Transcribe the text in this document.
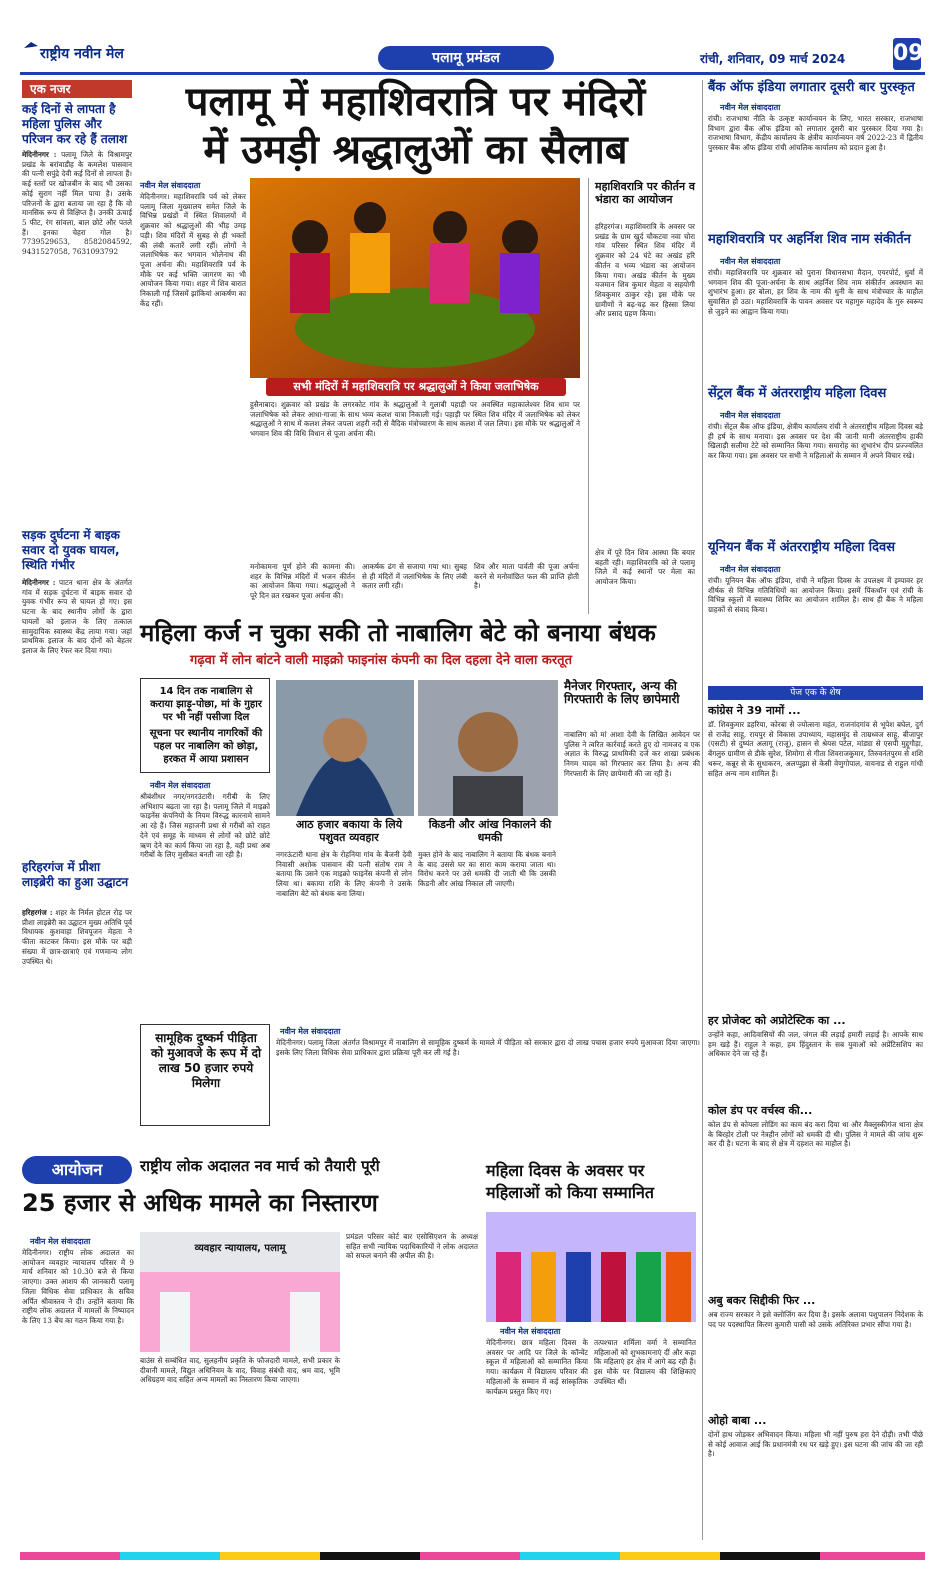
राष्ट्रीय नवीन मेल	पलामू प्रमंडल	रांची, शनिवार, 09 मार्च 2024 09
एक नजर
कई दिनों से लापता है महिला पुलिस और परिजन कर रहे हैं तलाश
मेदिनीनगर : पलामू जिले के विश्रामपुर प्रखंड के बरांवाडीह के कमलेश पासवान की पत्नी सपुंद्रे देवी कई दिनों से लापता हैं। कई स्तरों पर खोजबीन के बाद भी उसका कोई सुराग नहीं मिल पाया है। उसके परिजनों के द्वारा बताया जा रहा है कि वो मानसिक रूप से विक्षिप्त है। उनकी ऊंचाई 5 फीट, रंग सांवला, बाल छोटे और पतले हैं। इनका चेहरा गोल है। 7739529653, 8582084592, 9431527058, 7631093792
सड़क दुर्घटना में बाइक सवार दो युवक घायल, स्थिति गंभीर
मेदिनीनगर : पाटन थाना क्षेत्र के अंतर्गत गांव में सड़क दुर्घटना में बाइक सवार दो युवक गंभीर रूप से घायल हो गए। इस घटना के बाद स्थानीय लोगों के द्वारा घायलों को इलाज के लिए तत्काल सामुदायिक स्वास्थ्य केंद्र लाया गया। जहां प्राथमिक इलाज के बाद दोनों को बेहतर इलाज के लिए रेफर कर दिया गया।
हरिहरगंज में प्रीशा लाइब्रेरी का हुआ उद्घाटन
हरिहरगंज : शहर के निर्मल होटल रोड़ पर प्रीशा लाइब्रेरी का उद्घाटन मुख्य अतिथि पूर्व विधायक कुशवाहा शिवपूजन मेहता ने फीता काटकर किया। इस मौके पर बड़ी संख्या में छात्र-छात्राएं एवं गणमान्य लोग उपस्थित थे।
पलामू में महाशिवरात्रि पर मंदिरों
में उमड़ी श्रद्धालुओं का सैलाब
नवीन मेल संवाददाता
मेदिनीनगर। महाशिवरात्रि पर्व को लेकर पलामू जिला मुख्यालय समेत जिले के विभिन्न प्रखंडों में स्थित शिवालयों में शुक्रवार को श्रद्धालुओं की भीड़ उमड़ पड़ी। शिव मंदिरों में सुबह से ही भक्तों की लंबी कतारें लगी रहीं। लोगों ने जलाभिषेक कर भगवान भोलेनाथ की पूजा अर्चना की। महाशिवरात्रि पर्व के मौके पर कई भक्ति जागरण का भी आयोजन किया गया। शहर में शिव बारात निकाली गई जिसमें झांकियां आकर्षण का केंद्र रहीं।
सभी मंदिरों में महाशिवरात्रि पर श्रद्धालुओं ने किया जलाभिषेक
हुसैनाबाद। शुक्रवार को प्रखंड के लगरकोट गांव के श्रद्धालुओं ने गुलाबी पहाड़ी पर अवस्थित महाकालेश्वर शिव धाम पर जलाभिषेक को लेकर आधा-गाजा के साथ भव्य कलश यात्रा निकाली गई। पहाड़ी पर स्थित शिव मंदिर में जलाभिषेक को लेकर श्रद्धालुओं ने साथ में कलश लेकर जपला शहरी नदी से वैदिक मंत्रोच्चारण के साथ कलश में जल लिया। इस मौके पर श्रद्धालुओं ने भगवान शिव की विधि विधान से पूजा अर्चना की।
मनोकामना पूर्ण होने की कामना की। शहर के विभिन्न मंदिरों में भजन कीर्तन का आयोजन किया गया। श्रद्धालुओं ने पूरे दिन व्रत रखकर पूजा अर्चना की।
आकर्षक ढंग से सजाया गया था। सुबह से ही मंदिरों में जलाभिषेक के लिए लंबी कतार लगी रही।
शिव और माता पार्वती की पूजा अर्चना करने से मनोवांछित फल की प्राप्ति होती है।
महाशिवरात्रि पर कीर्तन व भंडारा का आयोजन
हरिहरगंज। महाशिवरात्रि के अवसर पर प्रखंड के ग्राम खुर्द चौकटवा नवा चोरा गांव परिसर स्थित शिव मंदिर में शुक्रवार को 24 घंटे का अखंड हरि कीर्तन व भव्य भंडारा का आयोजन किया गया। अखंड कीर्तन के मुख्य यजमान शिव कुमार मेहता व सहयोगी शिवकुमार ठाकुर रहे। इस मौके पर ग्रामीणों ने बढ़-चढ़ कर हिस्सा लिया और प्रसाद ग्रहण किया।
क्षेत्र में पूरे दिन शिव आस्था कि बयार बहती रही। महाशिवरात्रि को ले पलामू जिले में कई स्थानों पर मेला का आयोजन किया।
महिला कर्ज न चुका सकी तो नाबालिग बेटे को बनाया बंधक
गढ़वा में लोन बांटने वाली माइक्रो फाइनांस कंपनी का दिल दहला देने वाला करतूत
14 दिन तक नाबालिग से कराया झाड़ू-पोछा, मां के गुहार पर भी नहीं पसीजा दिल
सूचना पर स्थानीय नागरिकों की पहल पर नाबालिग को छोड़ा, हरकत में आया प्रशासन
नवीन मेल संवाददाता
श्रीबंशीधर नगर/नगरउंटारी। गरीबी के लिए अभिशाप बढ़ता जा रहा है। पलामू जिले में माइक्रो फाइनेंस कंपनियों के नियम विरुद्ध कारनामे सामने आ रहे हैं। जिस महाजनी प्रथा से गरीबों को राहत देने एवं समूह के माध्यम से लोगों को छोटे छोटे ऋण देने का कार्य किया जा रहा है, वही प्रथा अब गरीबों के लिए मुसीबत बनती जा रही है।
आठ हजार बकाया के लिये पशुवत व्यवहार
किडनी और आंख निकालने की धमकी
नगरऊंटारी थाना क्षेत्र के रोहनिया गांव के बैजनी देवी निवासी अशोक पासवान की पत्नी संतोष राम ने बताया कि उसने एक माइक्रो फाइनेंस कंपनी से लोन लिया था। बकाया राशि के लिए कंपनी ने उसके नाबालिग बेटे को बंधक बना लिया।
मुक्त होने के बाद नाबालिग ने बताया कि बंधक बनाने के बाद उससे घर का सारा काम कराया जाता था। विरोध करने पर उसे धमकी दी जाती थी कि उसकी किडनी और आंख निकाल ली जाएगी।
मैनेजर गिरफ्तार, अन्य की गिरफ्तारी के लिए छापेमारी
नाबालिग को मां आशा देवी के लिखित आवेदन पर पुलिस ने त्वरित कार्रवाई करते हुए दो नामजद व एक अज्ञात के विरुद्ध प्राथमिकी दर्ज कर शाखा प्रबंधक निगम यादव को गिरफ्तार कर लिया है। अन्य की गिरफ्तारी के लिए छापेमारी की जा रही है।
सामूहिक दुष्कर्म पीड़िता को मुआवजे के रूप में दो लाख 50 हजार रुपये मिलेगा
नवीन मेल संवाददाता
मेदिनीनगर। पलामू जिला अंतर्गत विश्रामपुर में नाबालिग से सामूहिक दुष्कर्म के मामले में पीड़िता को सरकार द्वारा दो लाख पचास हजार रुपये मुआवजा दिया जाएगा। इसके लिए जिला विधिक सेवा प्राधिकार द्वारा प्रक्रिया पूरी कर ली गई है।
बैंक ऑफ इंडिया लगातार दूसरी बार पुरस्कृत
नवीन मेल संवाददाता
रांची। राजभाषा नीति के उत्कृष्ट कार्यान्वयन के लिए, भारत सरकार, राजभाषा विभाग द्वारा बैंक ऑफ इंडिया को लगातार दूसरी बार पुरस्कार दिया गया है। राजभाषा विभाग, केंद्रीय कार्यालय के क्षेत्रीय कार्यान्वयन वर्ष 2022-23 में द्वितीय पुरस्कार बैंक ऑफ इंडिया रांची आंचलिक कार्यालय को प्रदान हुआ है।
महाशिवरात्रि पर अहर्निश शिव नाम संकीर्तन
नवीन मेल संवाददाता
रांची। महाशिवरात्रि पर शुक्रवार को पुराना विधानसभा मैदान, एयरपोर्ट, धुर्वा में भगवान शिव की पूजा-अर्चना के साथ अहर्निश शिव नाम संकीर्तन अवस्थान का शुभारंभ हुआ। हर बोला, हर शिव के नाम की धुनी के साथ मंत्रोच्चार के माहौल सुवासित हो उठा। महाशिवरात्रि के पावन अवसर पर महागुरु महादेव के गुरु स्वरूप से जुड़ने का आह्वान किया गया।
सेंट्रल बैंक में अंतरराष्ट्रीय महिला दिवस
नवीन मेल संवाददाता
रांची। सेंट्रल बैंक ऑफ इंडिया, क्षेत्रीय कार्यालय रांची ने अंतरराष्ट्रीय महिला दिवस बड़े ही हर्ष के साथ मनाया। इस अवसर पर देश की जानी मानी अंतरराष्ट्रीय हाकी खिलाड़ी सलीमा टेटे को सम्मानित किया गया। समारोह का शुभारंभ दीप प्रज्ज्वलित कर किया गया। इस अवसर पर सभी ने महिलाओं के सम्मान में अपने विचार रखे।
यूनियन बैंक में अंतरराष्ट्रीय महिला दिवस
नवीन मेल संवाददाता
रांची। यूनियन बैंक ऑफ इंडिया, रांची ने महिला दिवस के उपलक्ष्य में इम्पावर हर शीर्षक से विभिन्न गतिविधियों का आयोजन किया। इसमें पिंकथॉन एवं रांची के विभिन्न स्कूलों में स्वास्थ्य शिविर का आयोजन शामिल है। साथ ही बैंक ने महिला ग्राहकों से संवाद किया।
पेज एक के शेष
कांग्रेस ने 39 नामों ...
डॉ. शिवकुमार डहरिया, कोरबा से ज्योत्सना महंत, राजनांदगांव से भूपेश बघेल, दुर्ग से राजेंद्र साहू, रायपुर से विकास उपाध्याय, महासमुंद से ताम्रध्वज साहू, बीजापुर (एसटी) से दुष्यंत अलागू (राजू), हासन से श्रेयस पटेल, मांड्या से एसपी मुद्दूगौड़ा, बेंगलुरु ग्रामीण से डीके सुरेश, शिमोगा से गीता शिवराजकुमार, तिरुवनंतपुरम से शशि थरूर, कन्नूर से के सुधाकरन, अलप्पुझा से केसी वेणुगोपाल, वायनाड से राहुल गांधी सहित अन्य नाम शामिल हैं।
हर प्रोजेक्ट को अप्रोटेस्टिक का ...
उन्होंने कहा, आदिवासियों की जल, जंगल की लड़ाई हमारी लड़ाई है। आपके साथ हम खड़े हैं। राहुल ने कहा, हम हिंदुस्तान के सब युवाओं को अप्रेंटिसशिप का अधिकार देने जा रहे हैं।
कोल डंप पर वर्चस्व की...
कोल डंप से कोयला लोडिंग का काम बंद करा दिया था और मैक्लुस्कीगंज थाना क्षेत्र के बिरहोर टोली पर नेत्रहीन लोगों को धमकी दी थी। पुलिस ने मामले की जांच शुरू कर दी है। घटना के बाद से क्षेत्र में दहशत का माहौल है।
अबु बकर सिद्दीकी फिर ...
अब राज्य सरकार ने इसे क्लोजिंग कर दिया है। इसके अलावा पशुपालन निदेशक के पद पर पदस्थापित किरण कुमारी पासी को उसके अतिरिक्त प्रभार सौंपा गया है।
ओहो बाबा ...
दोनों हाथ जोड़कर अभिवादन किया। महिला भी नहीं पुरुष हरा देने दौड़ी। तभी पीछे से कोई आवाज आई कि प्रधानमंत्री रथ पर खड़े हुए। इस घटना की जांच की जा रही है।
आयोजन	राष्ट्रीय लोक अदालत नव मार्च को तैयारी पूरी
25 हजार से अधिक मामले का निस्तारण
नवीन मेल संवाददाता
मेदिनीनगर। राष्ट्रीय लोक अदालत का आयोजन व्यवहार न्यायालय परिसर में 9 मार्च शनिवार को 10.30 बजे से किया जाएगा। उक्त आशय की जानकारी पलामू जिला विधिक सेवा प्राधिकार के सचिव अर्पित श्रीवास्तव ने दी। उन्होंने बताया कि राष्ट्रीय लोक अदालत में मामलों के निष्पादन के लिए 13 बेंच का गठन किया गया है।
व्यवहार न्यायालय, पलामू
बाउंस से सम्बंधित वाद, सुलहनीय प्रकृति के फौजदारी मामले, सभी प्रकार के दीवानी मामले, विद्युत अधिनियम के वाद, विवाह संबंधी वाद, श्रम वाद, भूमि अधिग्रहण वाद सहित अन्य मामलों का निस्तारण किया जाएगा।
प्रमंडल परिसर कोर्ट बार एसोसिएशन के अध्यक्ष सहित सभी न्यायिक पदाधिकारियों ने लोक अदालत को सफल बनाने की अपील की है।
महिला दिवस के अवसर पर महिलाओं को किया सम्मानित
नवीन मेल संवाददाता
मेदिनीनगर। छात्र महिला दिवस के अवसर पर आदि पर जिले के कॉन्वेंट स्कूल में महिलाओं को सम्मानित किया गया। कार्यक्रम में विद्यालय परिवार की महिलाओं के सम्मान में कई सांस्कृतिक कार्यक्रम प्रस्तुत किए गए।
तत्पश्चात शर्मिला वर्मा ने सम्मानित महिलाओं को शुभकामनाएं दीं और कहा कि महिलाएं हर क्षेत्र में आगे बढ़ रही हैं। इस मौके पर विद्यालय की शिक्षिकाएं उपस्थित थीं।
